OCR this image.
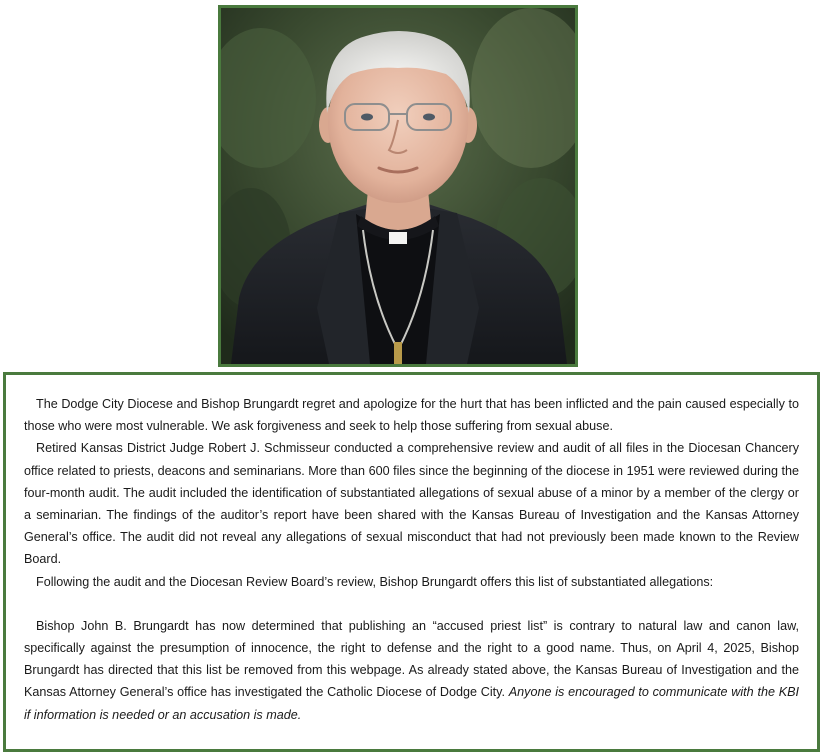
The Dodge City Diocese and Bishop Brungardt regret and apologize for the hurt that has been inflicted and the pain caused especially to those who were most vulnerable. We ask forgiveness and seek to help those suffering from sexual abuse.

Retired Kansas District Judge Robert J. Schmisseur conducted a comprehensive review and audit of all files in the Diocesan Chancery office related to priests, deacons and seminarians. More than 600 files since the beginning of the diocese in 1951 were reviewed during the four-month audit. The audit included the identification of substantiated allegations of sexual abuse of a minor by a member of the clergy or a seminarian. The findings of the auditor’s report have been shared with the Kansas Bureau of Investigation and the Kansas Attorney General’s office. The audit did not reveal any allegations of sexual misconduct that had not previously been made known to the Review Board.

Following the audit and the Diocesan Review Board’s review, Bishop Brungardt offers this list of substantiated allegations:

Bishop John B. Brungardt has now determined that publishing an “accused priest list” is contrary to natural law and canon law, specifically against the presumption of innocence, the right to defense and the right to a good name. Thus, on April 4, 2025, Bishop Brungardt has directed that this list be removed from this webpage. As already stated above, the Kansas Bureau of Investigation and the Kansas Attorney General’s office has investigated the Catholic Diocese of Dodge City. Anyone is encouraged to communicate with the KBI if information is needed or an accusation is made.
